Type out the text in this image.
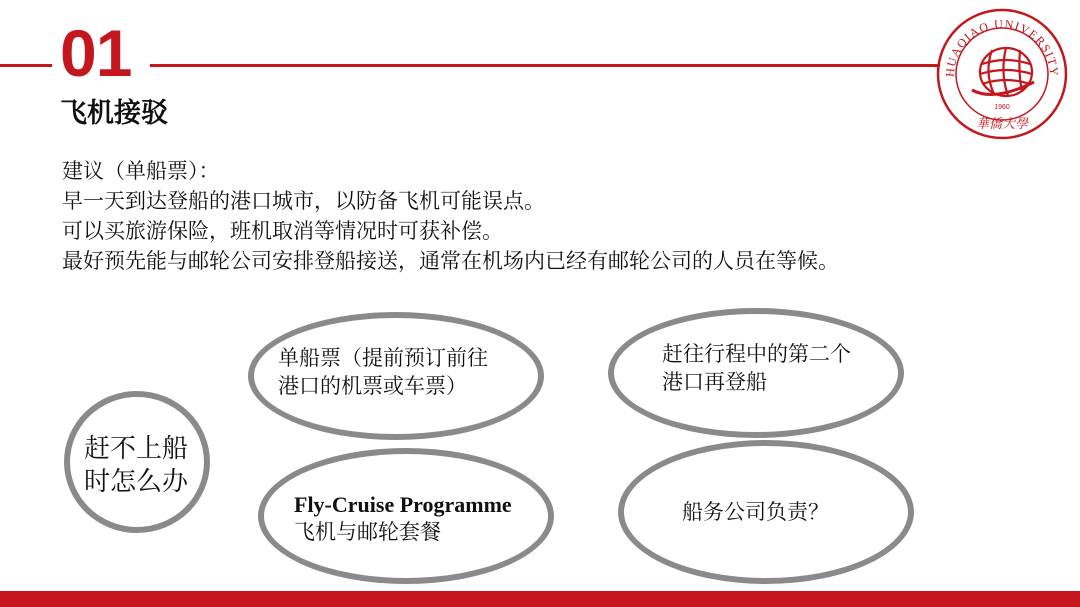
01
飞机接驳
建议（单船票）：
早一天到达登船的港口城市，以防备飞机可能误点。
可以买旅游保险，班机取消等情况时可获补偿。
最好预先能与邮轮公司安排登船接送，通常在机场内已经有邮轮公司的人员在等候。
HUAQIAO UNIVERSITY
1960
華僑大學
赶不上船
时怎么办
单船票（提前预订前往
港口的机票或车票）
赶往行程中的第二个
港口再登船
Fly-Cruise Programme
飞机与邮轮套餐
船务公司负责？
